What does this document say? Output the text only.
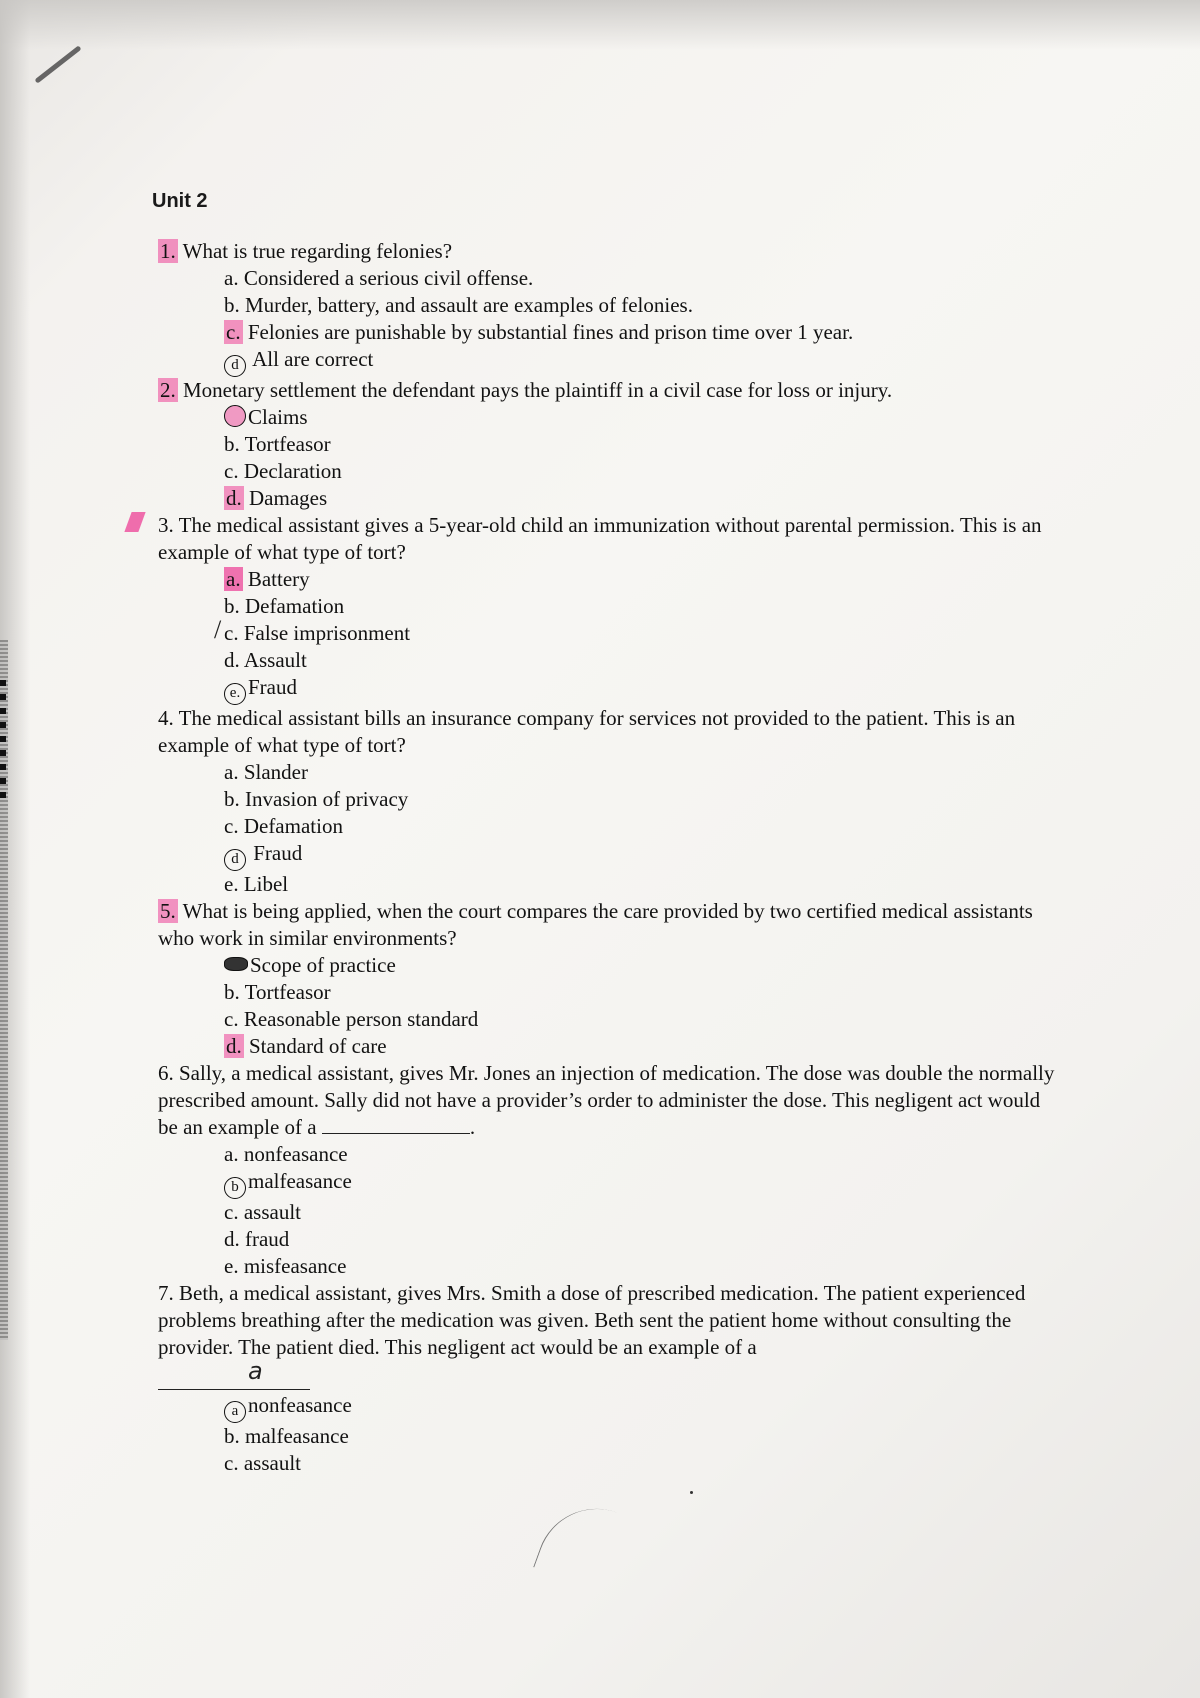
Unit 2

1. What is true regarding felonies?

a. Considered a serious civil offense.
b. Murder, battery, and assault are examples of felonies.
c. Felonies are punishable by substantial fines and prison time over 1 year.
d All are correct

2. Monetary settlement the defendant pays the plaintiff in a civil case for loss or injury.

Claims
b. Tortfeasor
c. Declaration
d. Damages

3. The medical assistant gives a 5-year-old child an immunization without parental permission. This is an example of what type of tort?

a. Battery
b. Defamation
/ c. False imprisonment
d. Assault
e. Fraud

4. The medical assistant bills an insurance company for services not provided to the patient. This is an example of what type of tort?

a. Slander
b. Invasion of privacy
c. Defamation
d Fraud
e. Libel

5. What is being applied, when the court compares the care provided by two certified medical assistants who work in similar environments?

Scope of practice
b. Tortfeasor
c. Reasonable person standard
d. Standard of care

6. Sally, a medical assistant, gives Mr. Jones an injection of medication. The dose was double the normally prescribed amount. Sally did not have a provider’s order to administer the dose. This negligent act would be an example of a	.

a. nonfeasance
b malfeasance
c. assault
d. fraud
e. misfeasance

7. Beth, a medical assistant, gives Mrs. Smith a dose of prescribed medication. The patient experienced problems breathing after the medication was given. Beth sent the patient home without consulting the provider. The patient died. This negligent act would be an example of a

a
a nonfeasance
b. malfeasance
c. assault
